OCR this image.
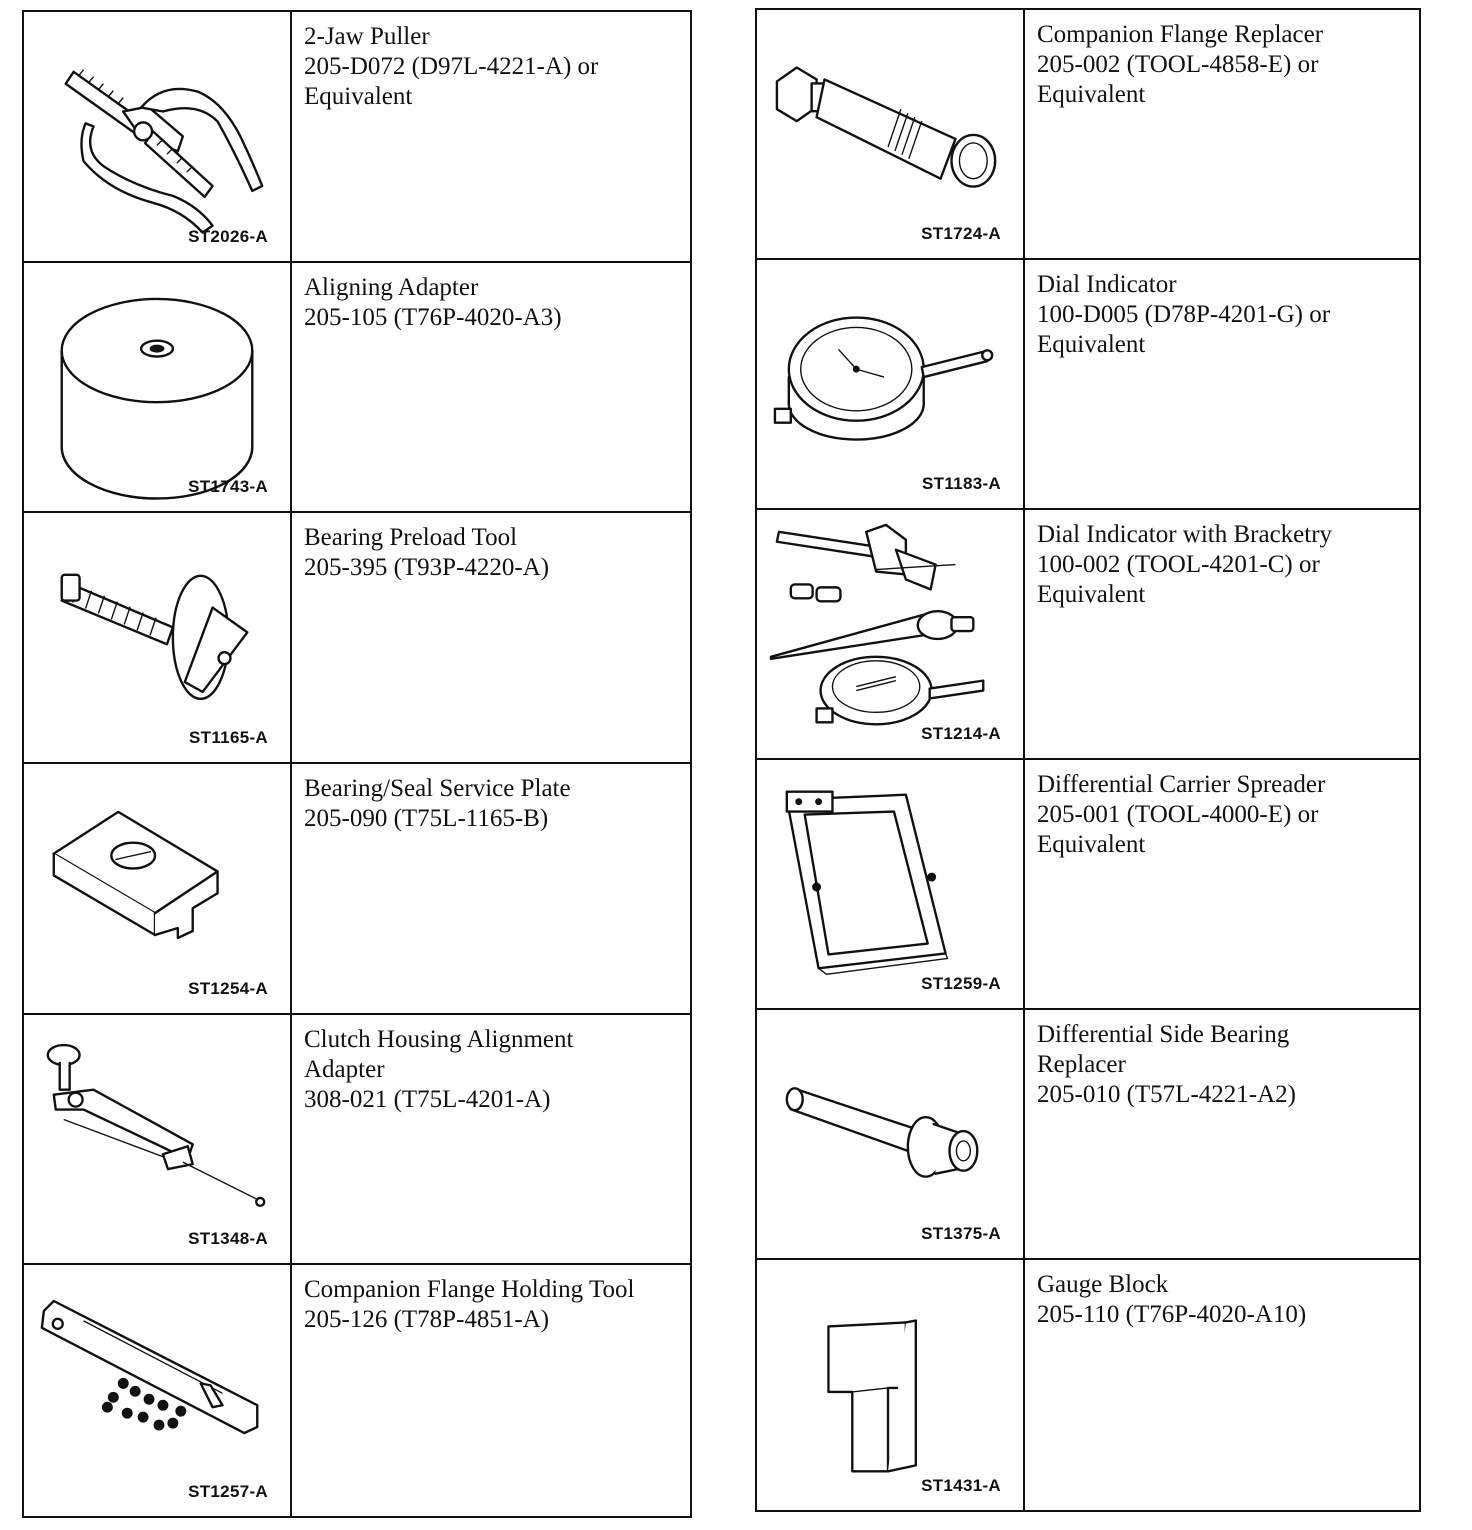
ST2026-A
2-Jaw Puller
205-D072 (D97L-4221-A) or
Equivalent
ST1743-A
Aligning Adapter
205-105 (T76P-4020-A3)
ST1165-A
Bearing Preload Tool
205-395 (T93P-4220-A)
ST1254-A
Bearing/Seal Service Plate
205-090 (T75L-1165-B)
ST1348-A
Clutch Housing Alignment
Adapter
308-021 (T75L-4201-A)
ST1257-A
Companion Flange Holding Tool
205-126 (T78P-4851-A)
ST1724-A
Companion Flange Replacer
205-002 (TOOL-4858-E) or
Equivalent
ST1183-A
Dial Indicator
100-D005 (D78P-4201-G) or
Equivalent
ST1214-A
Dial Indicator with Bracketry
100-002 (TOOL-4201-C) or
Equivalent
ST1259-A
Differential Carrier Spreader
205-001 (TOOL-4000-E) or
Equivalent
ST1375-A
Differential Side Bearing
Replacer
205-010 (T57L-4221-A2)
ST1431-A
Gauge Block
205-110 (T76P-4020-A10)
